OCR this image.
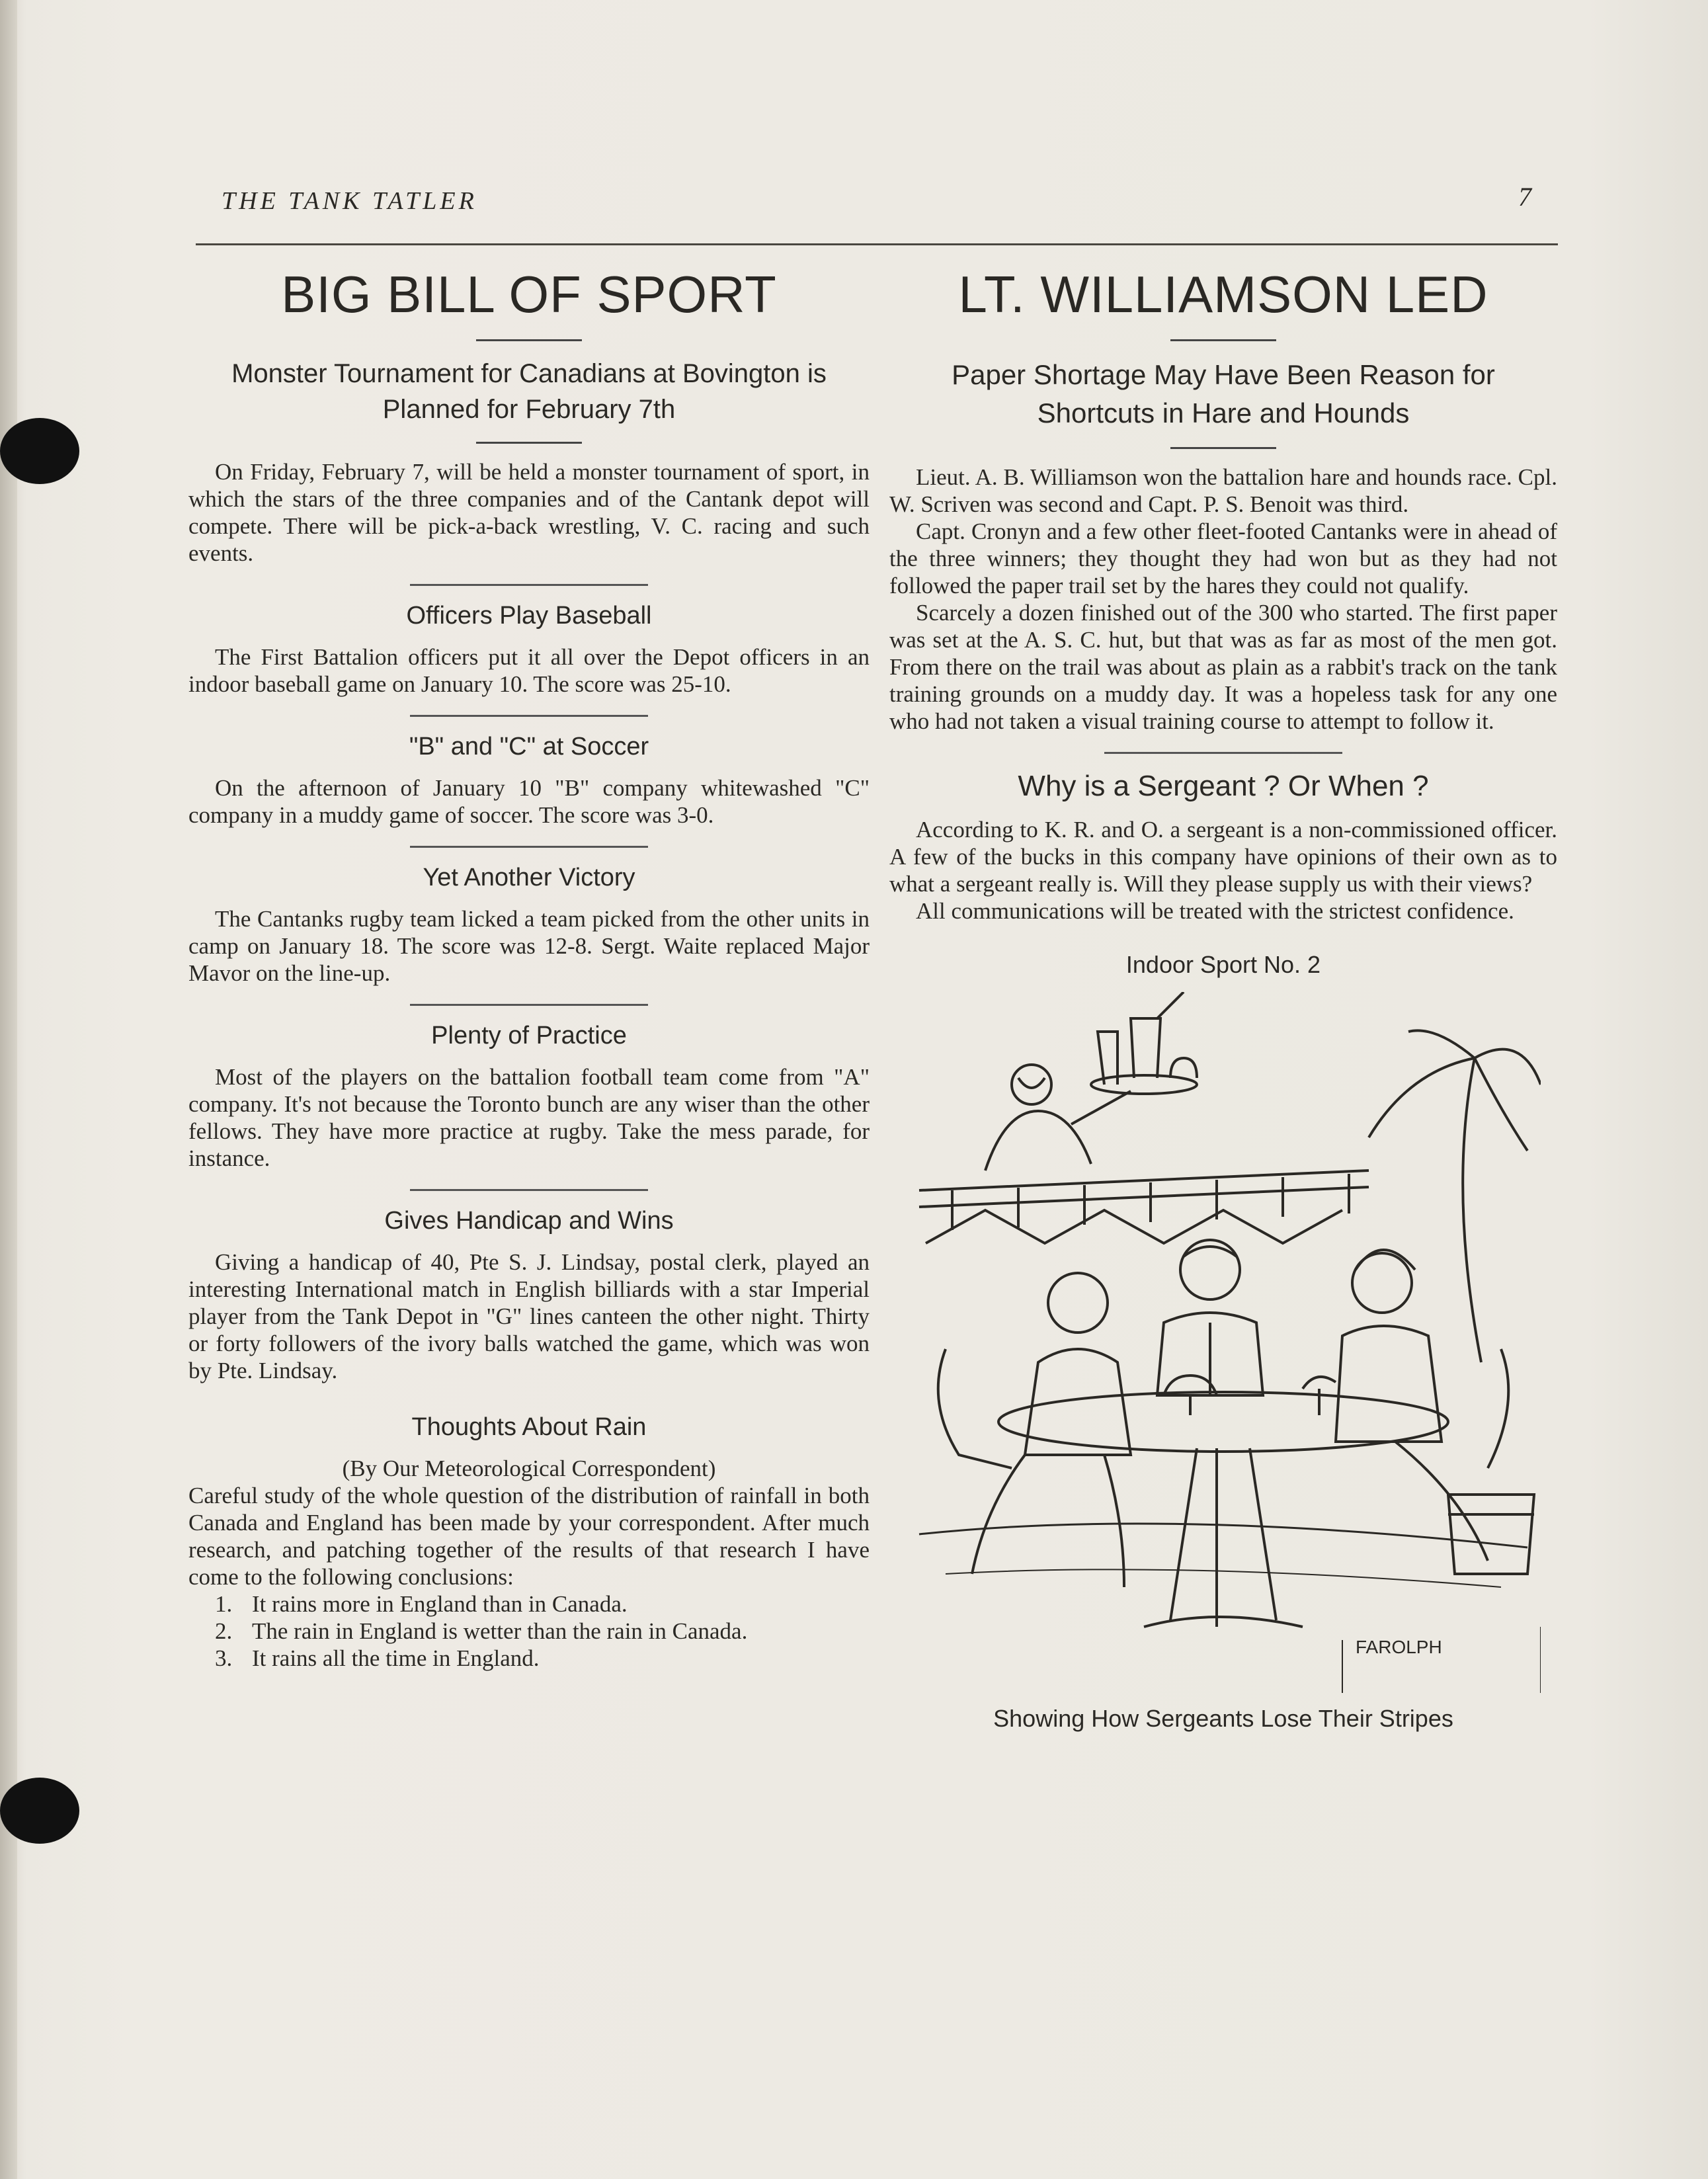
THE TANK TATLER	7
BIG BILL OF SPORT

Monster Tournament for Canadians at Bovington is Planned for February 7th

On Friday, February 7, will be held a monster tournament of sport, in which the stars of the three companies and of the Cantank depot will compete. There will be pick-a-back wrestling, V. C. racing and such events.

Officers Play Baseball

The First Battalion officers put it all over the Depot officers in an indoor baseball game on January 10. The score was 25-10.

"B" and "C" at Soccer

On the afternoon of January 10 "B" company whitewashed "C" company in a muddy game of soccer. The score was 3-0.

Yet Another Victory

The Cantanks rugby team licked a team picked from the other units in camp on January 18. The score was 12-8. Sergt. Waite replaced Major Mavor on the line-up.

Plenty of Practice

Most of the players on the battalion football team come from "A" company. It's not because the Toronto bunch are any wiser than the other fellows. They have more practice at rugby. Take the mess parade, for instance.

Gives Handicap and Wins

Giving a handicap of 40, Pte S. J. Lindsay, postal clerk, played an interesting International match in English billiards with a star Imperial player from the Tank Depot in "G" lines canteen the other night. Thirty or forty followers of the ivory balls watched the game, which was won by Pte. Lindsay.

Thoughts About Rain

(By Our Meteorological Correspondent)

Careful study of the whole question of the distribution of rainfall in both Canada and England has been made by your correspondent. After much research, and patching together of the results of that research I have come to the following conclusions:

1. It rains more in England than in Canada.
2. The rain in England is wetter than the rain in Canada.
3. It rains all the time in England.
LT. WILLIAMSON LED

Paper Shortage May Have Been Reason for Shortcuts in Hare and Hounds

Lieut. A. B. Williamson won the battalion hare and hounds race. Cpl. W. Scriven was second and Capt. P. S. Benoit was third.

Capt. Cronyn and a few other fleet-footed Cantanks were in ahead of the three winners; they thought they had won but as they had not followed the paper trail set by the hares they could not qualify.

Scarcely a dozen finished out of the 300 who started. The first paper was set at the A. S. C. hut, but that was as far as most of the men got. From there on the trail was about as plain as a rabbit's track on the tank training grounds on a muddy day. It was a hopeless task for any one who had not taken a visual training course to attempt to follow it.

Why is a Sergeant ? Or When ?

According to K. R. and O. a sergeant is a non-commissioned officer. A few of the bucks in this company have opinions of their own as to what a sergeant really is. Will they please supply us with their views?

All communications will be treated with the strictest confidence.

Indoor Sport No. 2
FAROLPH
Showing How Sergeants Lose Their Stripes
